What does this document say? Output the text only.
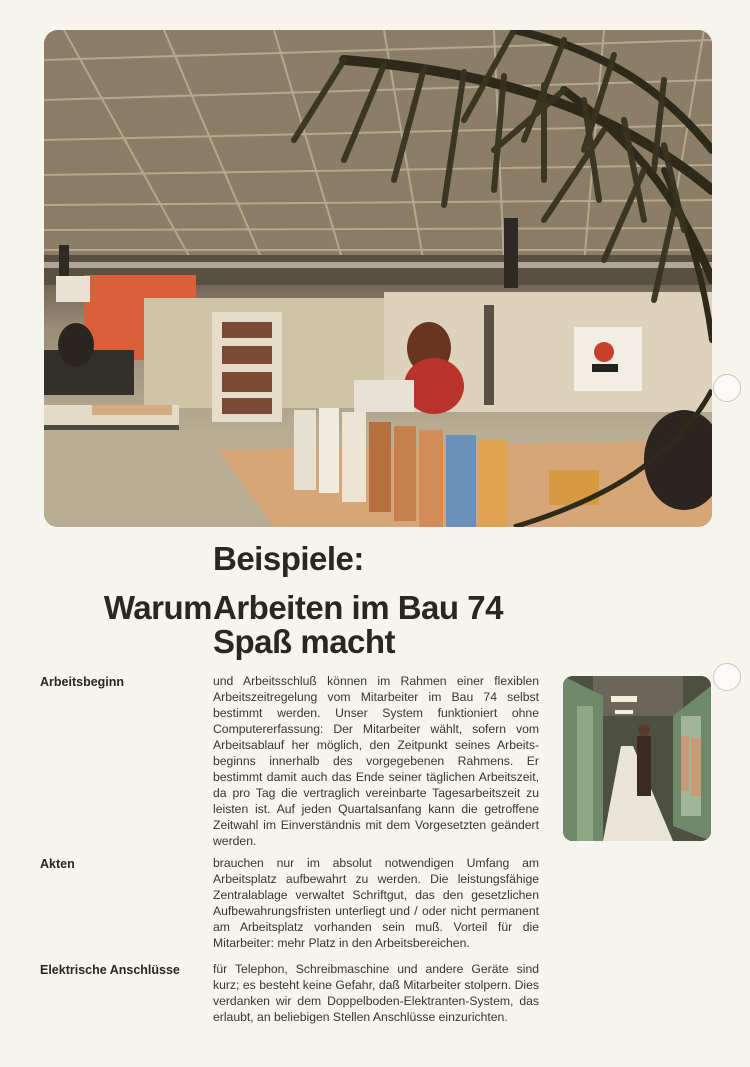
Beispiele:
Warum Arbeiten im Bau 74
Spaß macht

Arbeitsbeginn	und Arbeitsschluß können im Rahmen einer flexiblen Arbeitszeitregelung vom Mitarbeiter im Bau 74 selbst bestimmt werden. Unser System funktioniert ohne Computererfassung: Der Mitarbeiter wählt, sofern vom Arbeitsablauf her möglich, den Zeitpunkt seines Arbeitsbeginns innerhalb des vorgegebenen Rahmens. Er bestimmt damit auch das Ende seiner täglichen Arbeitszeit, da pro Tag die vertraglich vereinbarte Tagesarbeitszeit zu leisten ist. Auf jeden Quartalsanfang kann die getroffene Zeitwahl im Einverständnis mit dem Vorgesetzten geändert werden.

Akten	brauchen nur im absolut notwendigen Umfang am Arbeitsplatz aufbewahrt zu werden. Die leistungsfähige Zentralablage verwaltet Schriftgut, das den gesetzlichen Aufbewahrungsfristen unterliegt und / oder nicht permanent am Arbeitsplatz vorhanden sein muß. Vorteil für die Mitarbeiter: mehr Platz in den Arbeitsbereichen.

Elektrische Anschlüsse	für Telephon, Schreibmaschine und andere Geräte sind kurz; es besteht keine Gefahr, daß Mitarbeiter stolpern. Dies verdanken wir dem Doppelboden-Elektranten-System, das erlaubt, an beliebigen Stellen Anschlüsse einzurichten.
